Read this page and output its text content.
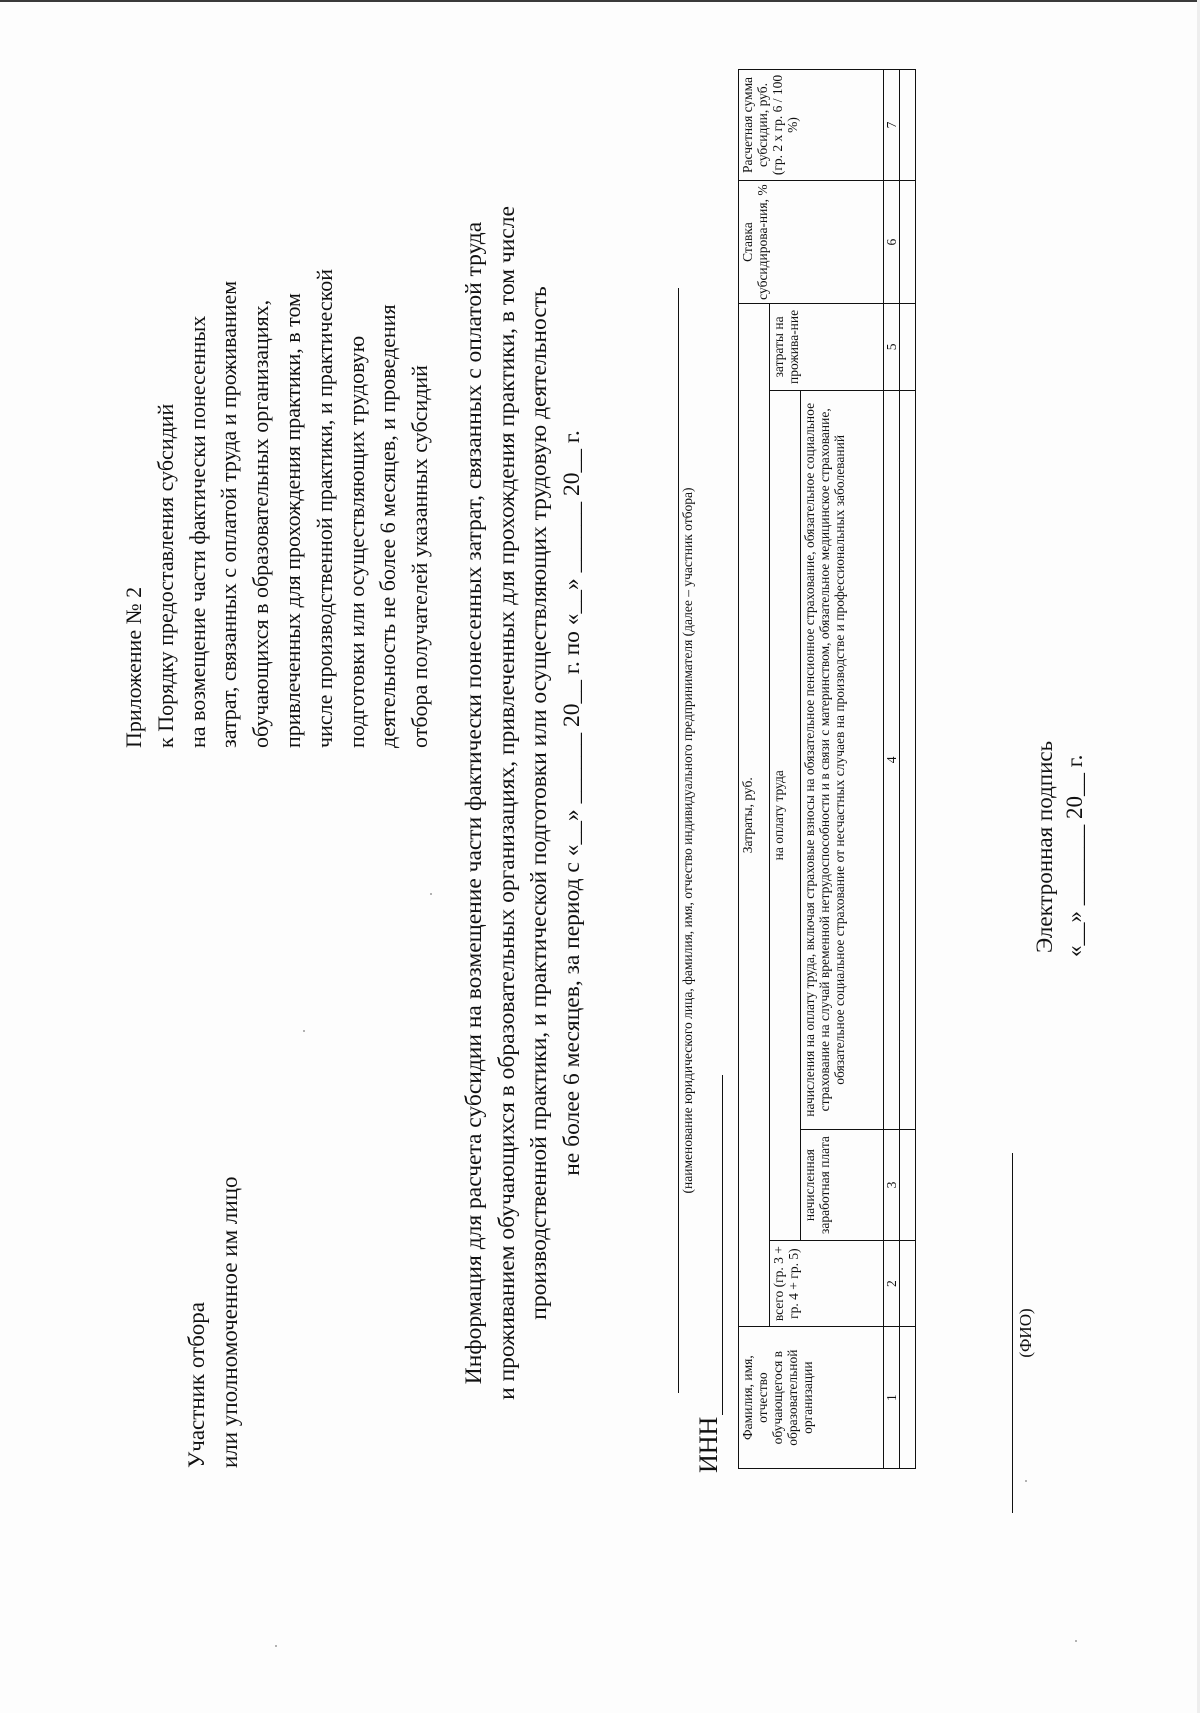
Приложение № 2 к Порядку предоставления субсидий на возмещение части фактически понесенных затрат, связанных с оплатой труда и проживанием обучающихся в образовательных организациях, привлеченных для прохождения практики, в том числе производственной практики, и практической подготовки или осуществляющих трудовую деятельность не более 6 месяцев, и проведения отбора получателей указанных субсидий Информация для расчета субсидии на возмещение части фактически понесенных затрат, связанных с оплатой труда и проживанием обучающихся в образовательных организациях, привлеченных для прохождения практики, в том числе производственной практики, и практической подготовки или осуществляющих трудовую деятельность не более 6 месяцев, за период с «__» ______ 20__ г. по «__» ______ 20__ г.	(наименование юридического лица, фамилия, имя, отчество индивидуального предпринимателя (далее – участник отбора)
ИНН
Фамилия, имя, отчество обучающегося в образовательной организации	Затраты, руб.				Ставка субсидирова-ния, %	Расчетная сумма субсидии, руб. (гр. 2 x гр. 6 / 100 %)
	всего (гр. 3 + гр. 4 + гр. 5)	на оплату труда		затраты на прожива-ние		
		начисленная заработная плата	начисления на оплату труда, включая страховые взносы на обязательное пенсионное страхование, обязательное социальное страхование на случай временной нетрудоспособности и в связи с материнством, обязательное медицинское страхование, обязательное социальное страхование от несчастных случаев на производстве и профессиональных заболеваний			
1	2	3	4	5	6	7

Участник отбора или уполномоченное им лицо
Электронная подпись «__» _______ 20__ г.
(ФИО)
